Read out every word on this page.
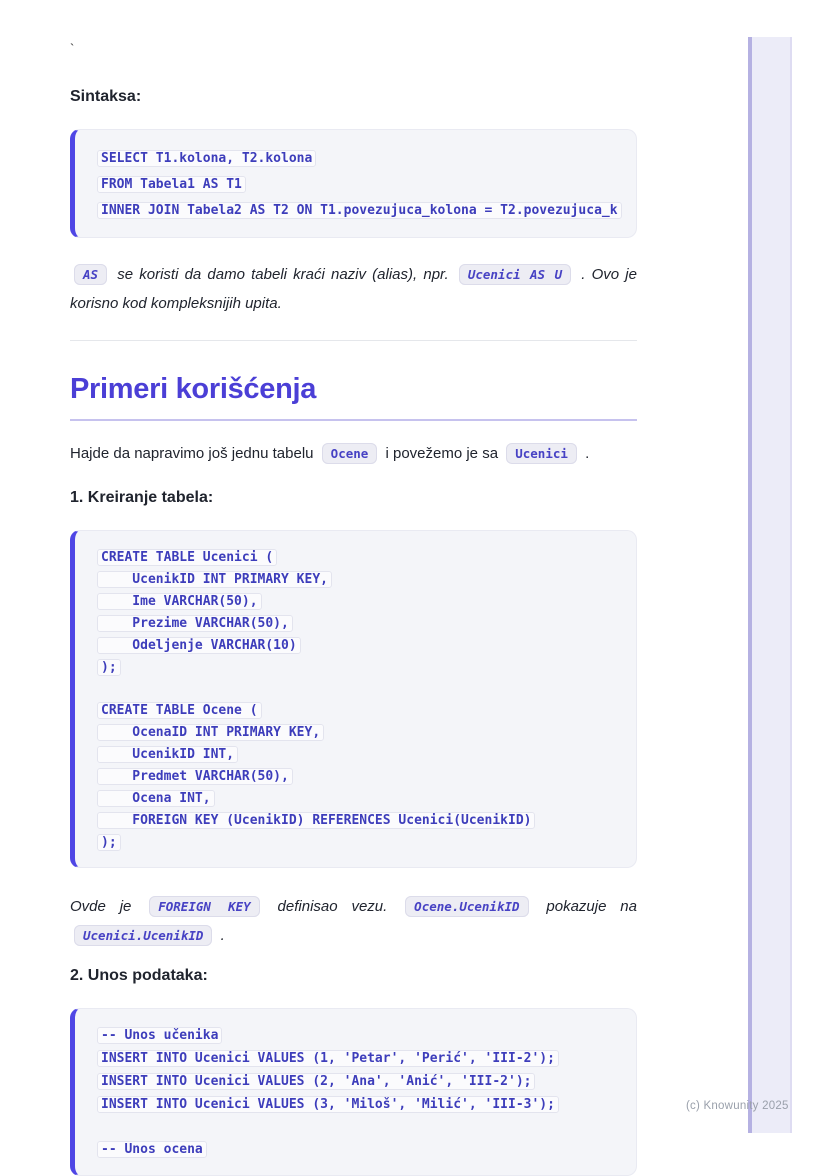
`
Sintaksa:
SELECT T1.kolona, T2.kolona
FROM Tabela1 AS T1
INNER JOIN Tabela2 AS T2 ON T1.povezujuca_kolona = T2.povezujuca_k

AS se koristi da damo tabeli kraći naziv (alias), npr. Ucenici AS U . Ovo je korisno kod kompleksnijih upita.

Primeri korišćenja

Hajde da napravimo još jednu tabelu Ocene i povežemo je sa Ucenici .

1. Kreiranje tabela:
CREATE TABLE Ucenici (
UcenikID INT PRIMARY KEY,
Ime VARCHAR(50),
Prezime VARCHAR(50),
Odeljenje VARCHAR(10)
);
CREATE TABLE Ocene (
OcenaID INT PRIMARY KEY,
UcenikID INT,
Predmet VARCHAR(50),
Ocena INT,
FOREIGN KEY (UcenikID) REFERENCES Ucenici(UcenikID)
);

Ovde je FOREIGN KEY definisao vezu. Ocene.UcenikID pokazuje na Ucenici.UcenikID .

2. Unos podataka:
-- Unos učenika
INSERT INTO Ucenici VALUES (1, 'Petar', 'Perić', 'III-2');
INSERT INTO Ucenici VALUES (2, 'Ana', 'Anić', 'III-2');
INSERT INTO Ucenici VALUES (3, 'Miloš', 'Milić', 'III-3');
-- Unos ocena
(c) Knowunity 2025
